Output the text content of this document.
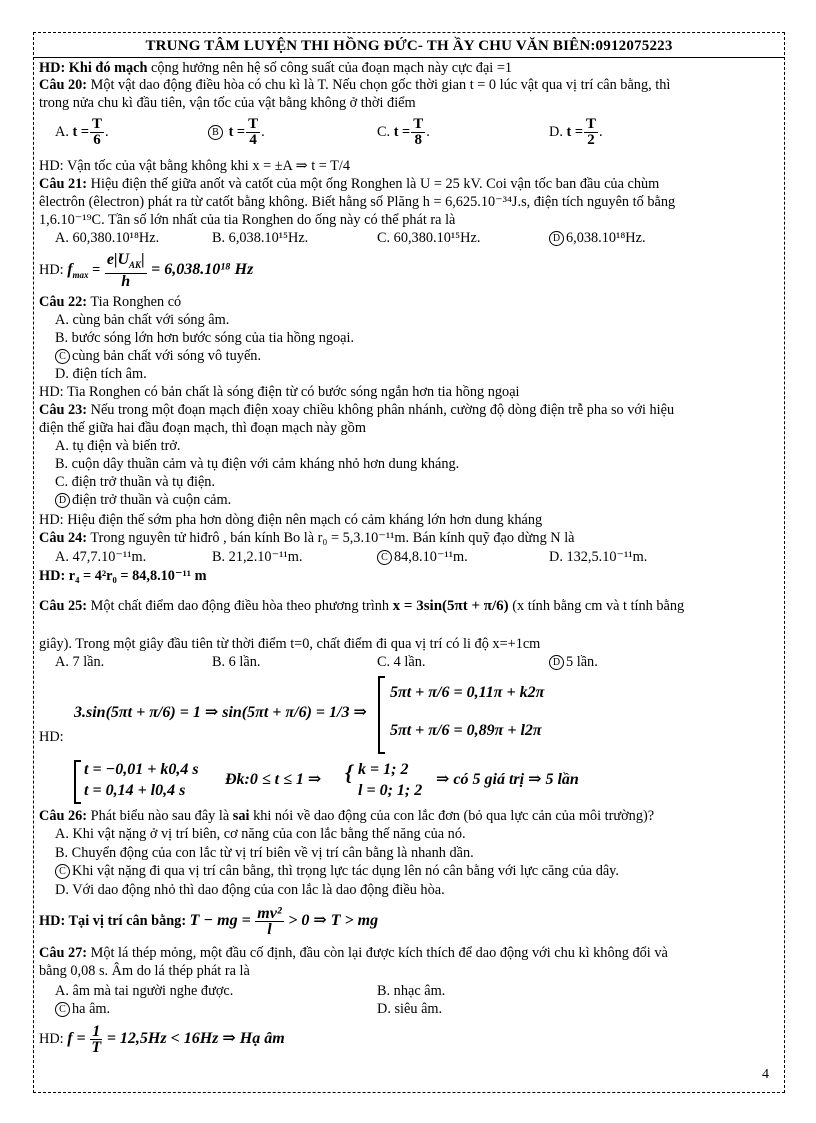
TRUNG TÂM LUYỆN THI HỒNG ĐỨC- TH ẦY CHU VĂN BIÊN:0912075223
HD: Khi đó mạch cộng hưởng nên hệ số công suất của đoạn mạch này cực đại =1
Câu 20: Một vật dao động điều hòa có chu kì là T. Nếu chọn gốc thời gian t = 0 lúc vật qua vị trí cân bằng, thì
trong nửa chu kì đầu tiên, vận tốc của vật bằng không ở thời điểm
A. $t = \frac{T}{6}$ .	B $t = \frac{T}{4}$ .	C. $t = \frac{T}{8}$ .	D. $t = \frac{T}{2}$ .
HD: Vận tốc của vật bằng không khi x = ±A ⇒ t = T/4
Câu 21: Hiệu điện thế giữa anốt và catốt của một ống Ronghen là U = 25 kV. Coi vận tốc ban đầu của chùm
êlectrôn (êlectron) phát ra từ catốt bằng không. Biết hằng số Plăng h = 6,625.10⁻³⁴J.s, điện tích nguyên tố bằng
1,6.10⁻¹⁹C. Tần số lớn nhất của tia Ronghen do ống này có thể phát ra là
A. 60,380.10¹⁸Hz.	B. 6,038.10¹⁵Hz.	C. 60,380.10¹⁵Hz.	D 6,038.10¹⁸Hz.
HD: $f_{max} = \frac{e|U_{AK}|}{h} = 6,038.10^{18}$ Hz
Câu 22: Tia Ronghen có
A. cùng bản chất với sóng âm.
B. bước sóng lớn hơn bước sóng của tia hồng ngoại.
C cùng bản chất với sóng vô tuyến.
D. điện tích âm.
HD: Tia Ronghen có bản chất là sóng điện từ có bước sóng ngắn hơn tia hồng ngoại
Câu 23: Nếu trong một đoạn mạch điện xoay chiều không phân nhánh, cường độ dòng điện trễ pha so với hiệu
điện thế giữa hai đầu đoạn mạch, thì đoạn mạch này gồm
A. tụ điện và biến trở.
B. cuộn dây thuần cảm và tụ điện với cảm kháng nhỏ hơn dung kháng.
C. điện trở thuần và tụ điện.
D điện trở thuần và cuộn cảm.
HD: Hiệu điện thế sớm pha hơn dòng điện nên mạch có cảm kháng lớn hơn dung kháng
Câu 24: Trong nguyên tử hiđrô , bán kính Bo là r₀ = 5,3.10⁻¹¹m. Bán kính quỹ đạo dừng N là
A. 47,7.10⁻¹¹m.	B. 21,2.10⁻¹¹m.	C 84,8.10⁻¹¹m.	D. 132,5.10⁻¹¹m.
HD: r₄ = 4²r₀ = 84,8.10⁻¹¹ m
Câu 25: Một chất điểm dao động điều hòa theo phương trình x = 3sin(5πt + π/6) (x tính bằng cm và t tính bằng
giây). Trong một giây đầu tiên từ thời điểm t=0, chất điểm đi qua vị trí có li độ x=+1cm
A. 7 lần.	B. 6 lần.	C. 4 lần.	D 5 lần.
HD:
3.sin(5πt + π/6) = 1 ⇒ sin(5πt + π/6) = 1/3 ⇒
5πt + π/6 = 0,11π + k2π
5πt + π/6 = 0,89π + l2π
t = −0,01 + k0,4 s
t = 0,14 + l0,4 s
Đk:0 ≤ t ≤ 1 ⇒ { k = 1; 2
l = 0; 1; 2
⇒ có 5 giá trị ⇒ 5 lần
Câu 26: Phát biểu nào sau đây là sai khi nói về dao động của con lắc đơn (bỏ qua lực cản của môi trường)?
A. Khi vật nặng ở vị trí biên, cơ năng của con lắc bằng thế năng của nó.
B. Chuyển động của con lắc từ vị trí biên về vị trí cân bằng là nhanh dần.
C Khi vật nặng đi qua vị trí cân bằng, thì trọng lực tác dụng lên nó cân bằng với lực căng của dây.
D. Với dao động nhỏ thì dao động của con lắc là dao động điều hòa.
HD: Tại vị trí cân bằng: T − mg = $\frac{\text{mv²}}{l} > 0$ ⇒ T > mg
Câu 27: Một lá thép mỏng, một đầu cố định, đầu còn lại được kích thích để dao động với chu kì không đổi và
bằng 0,08 s. Âm do lá thép phát ra là
A. âm mà tai người nghe được.	B. nhạc âm.
C ha âm.	D. siêu âm.
HD: $f = \frac{1}{T} = 12,5Hz < 16Hz$ ⇒ Hạ âm
4
